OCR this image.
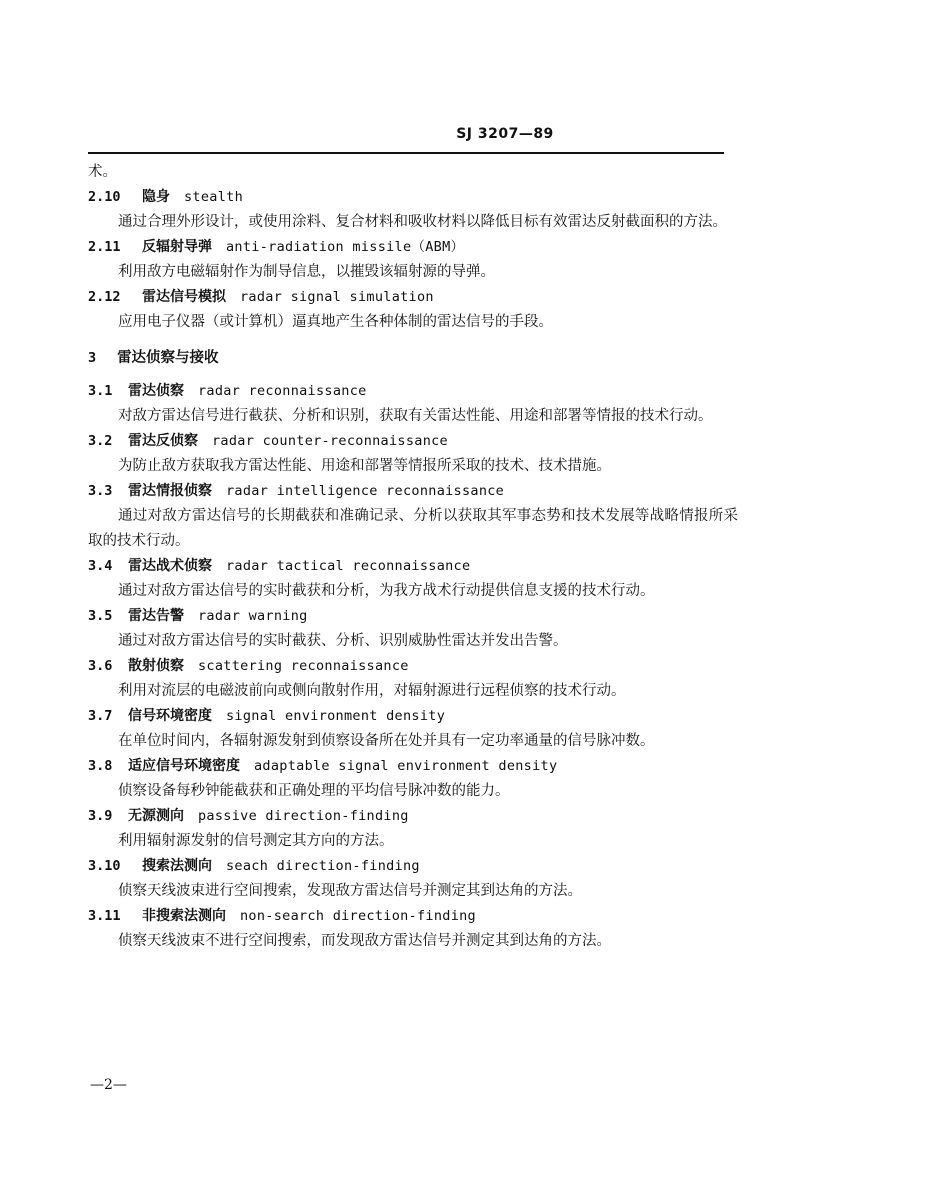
SJ 3207—89
术。
2.10 隐身 stealth

通过合理外形设计，或使用涂料、复合材料和吸收材料以降低目标有效雷达反射截面积的方法。

2.11 反辐射导弹 anti-radiation missile（ABM）

利用敌方电磁辐射作为制导信息，以摧毁该辐射源的导弹。

2.12 雷达信号模拟 radar signal simulation

应用电子仪器（或计算机）逼真地产生各种体制的雷达信号的手段。

3 雷达侦察与接收
3.1 雷达侦察 radar reconnaissance

对敌方雷达信号进行截获、分析和识别，获取有关雷达性能、用途和部署等情报的技术行动。

3.2 雷达反侦察 radar counter-reconnaissance

为防止敌方获取我方雷达性能、用途和部署等情报所采取的技术、技术措施。

3.3 雷达情报侦察 radar intelligence reconnaissance

通过对敌方雷达信号的长期截获和准确记录、分析以获取其军事态势和技术发展等战略情报所采取的技术行动。

3.4 雷达战术侦察 radar tactical reconnaissance

通过对敌方雷达信号的实时截获和分析，为我方战术行动提供信息支援的技术行动。

3.5 雷达告警 radar warning

通过对敌方雷达信号的实时截获、分析、识别威胁性雷达并发出告警。

3.6 散射侦察 scattering reconnaissance

利用对流层的电磁波前向或侧向散射作用，对辐射源进行远程侦察的技术行动。

3.7 信号环境密度 signal environment density

在单位时间内，各辐射源发射到侦察设备所在处并具有一定功率通量的信号脉冲数。

3.8 适应信号环境密度 adaptable signal environment density

侦察设备每秒钟能截获和正确处理的平均信号脉冲数的能力。

3.9 无源测向 passive direction-finding

利用辐射源发射的信号测定其方向的方法。

3.10 搜索法测向 seach direction-finding

侦察天线波束进行空间搜索，发现敌方雷达信号并测定其到达角的方法。

3.11 非搜索法测向 non-search direction-finding

侦察天线波束不进行空间搜索，而发现敌方雷达信号并测定其到达角的方法。

—2—
